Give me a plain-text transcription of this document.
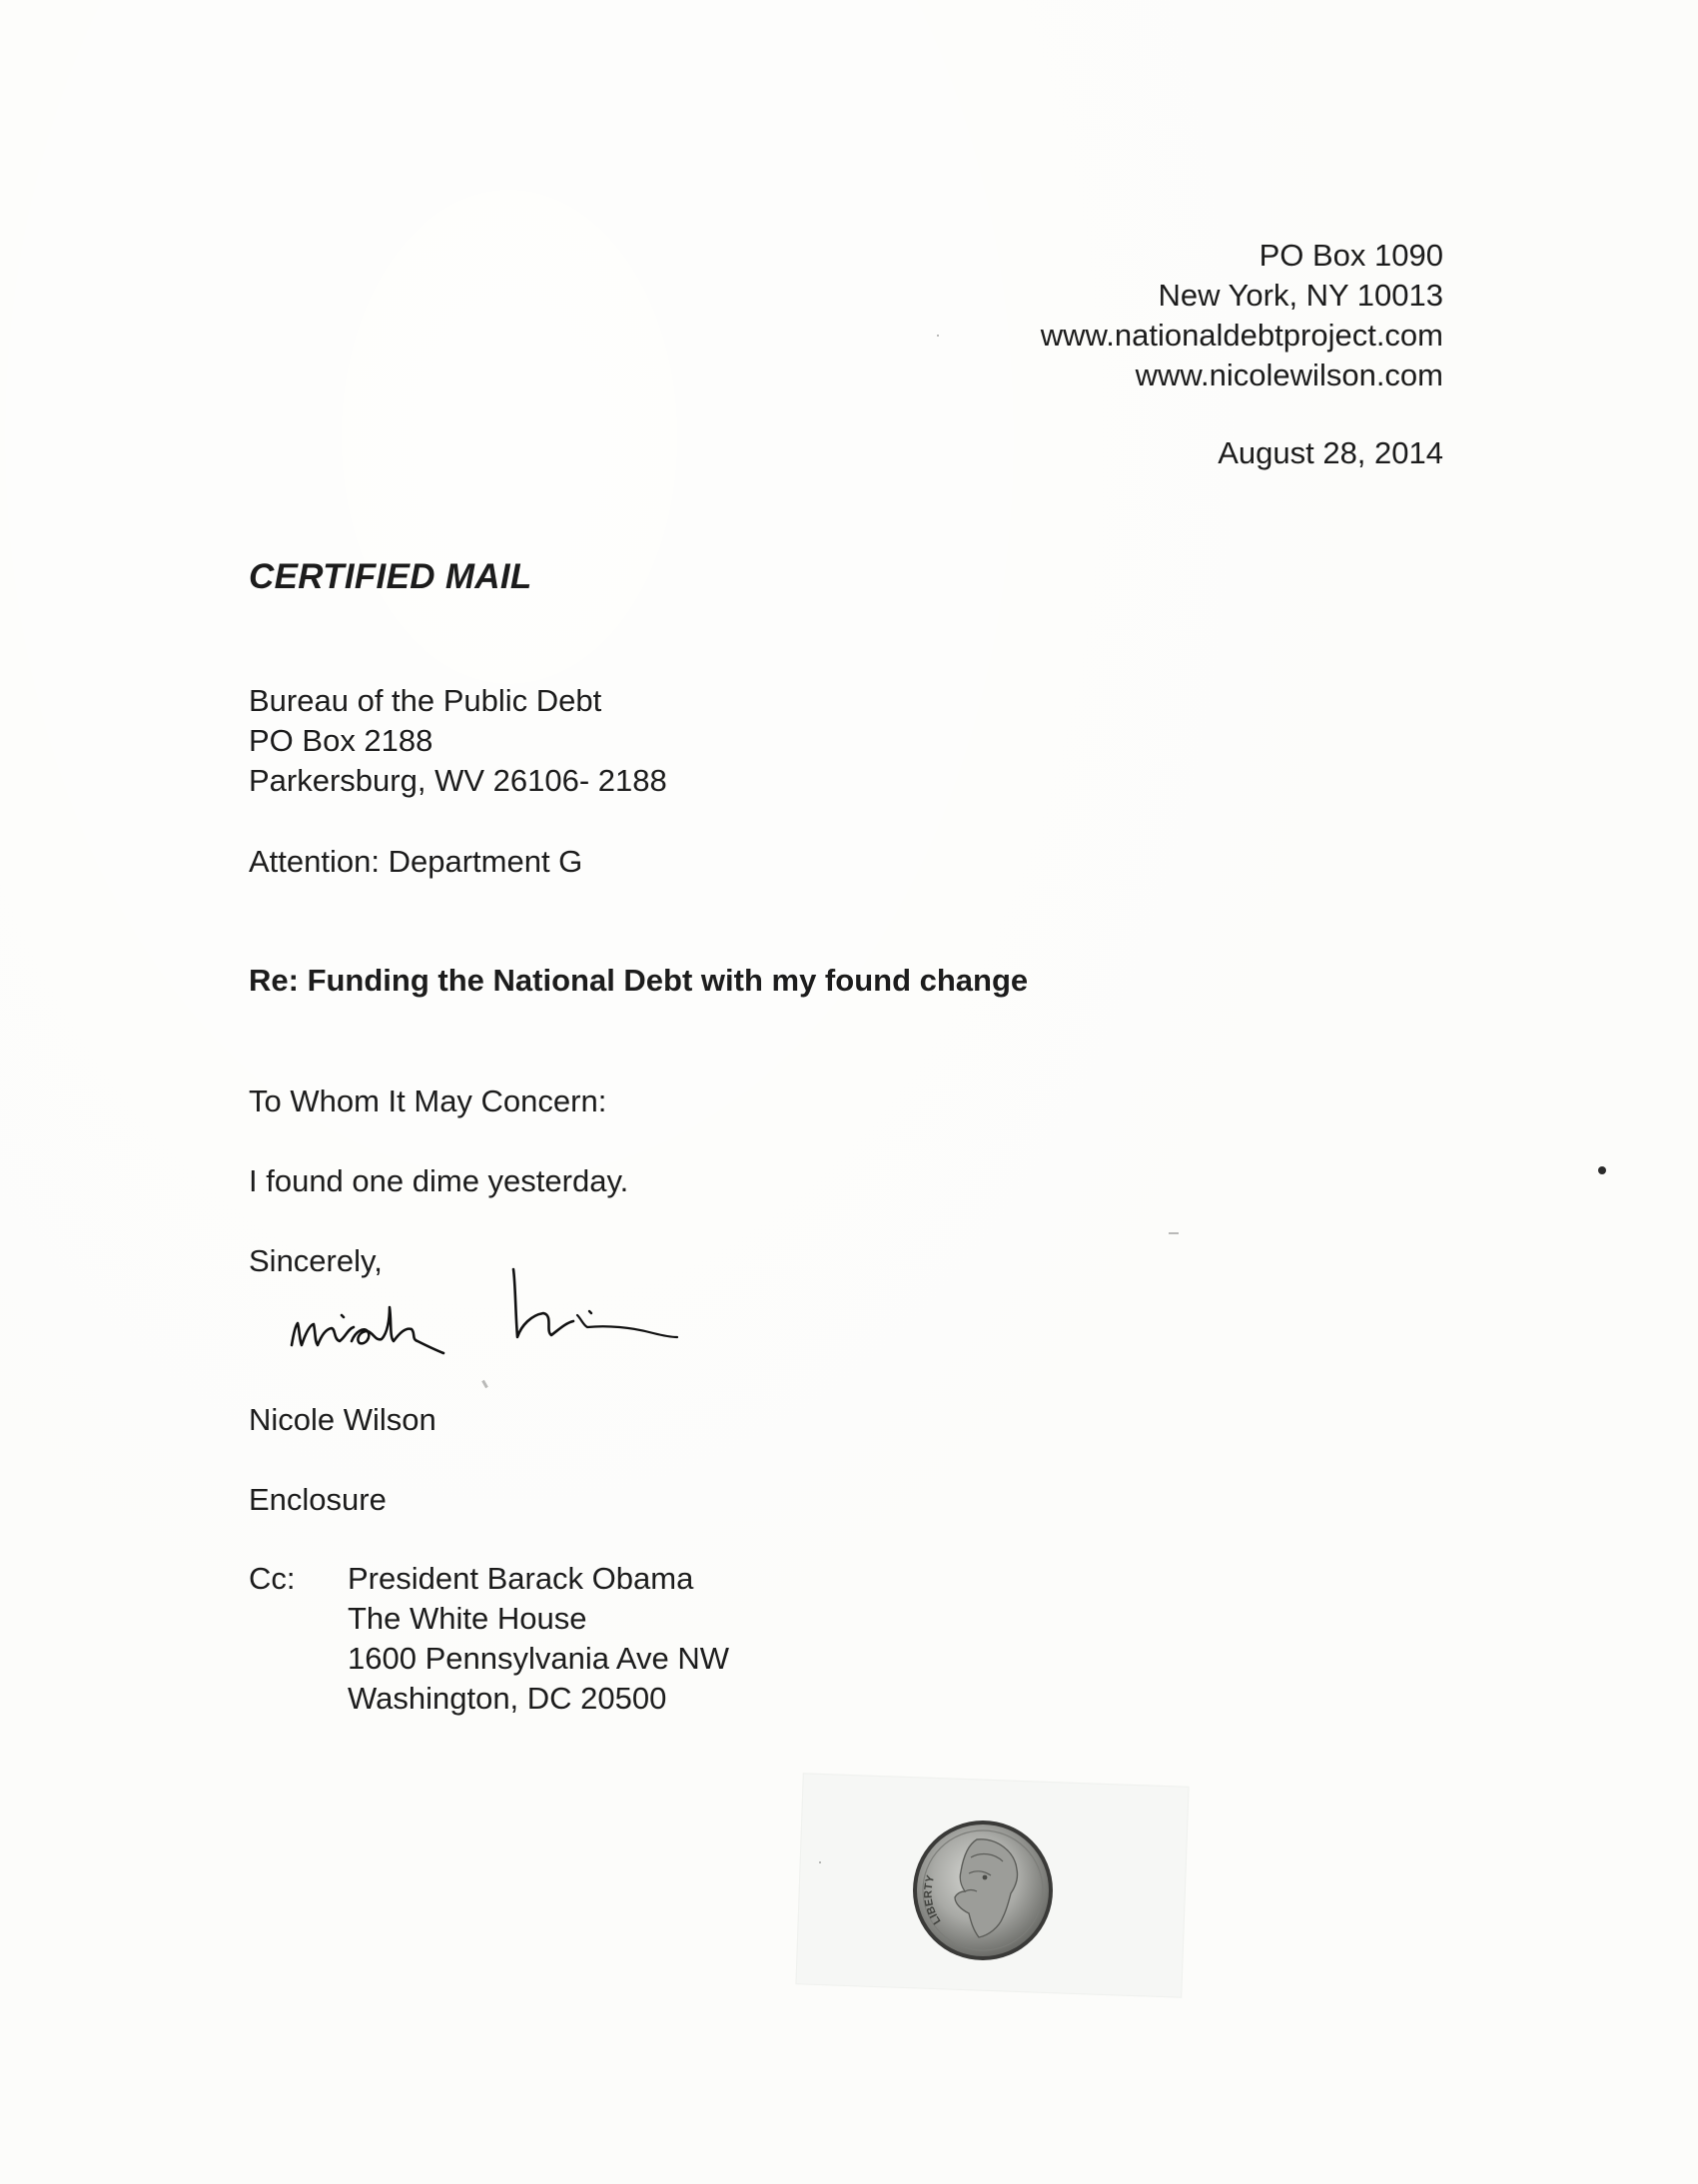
PO Box 1090
New York, NY 10013
www.nationaldebtproject.com
www.nicolewilson.com
August 28, 2014
CERTIFIED MAIL
Bureau of the Public Debt
PO Box 2188
Parkersburg, WV 26106- 2188
Attention: Department G
Re: Funding the National Debt with my found change
To Whom It May Concern:
I found one dime yesterday.
Sincerely,
Nicole Wilson
Enclosure
Cc: President Barack Obama
The White House
1600 Pennsylvania Ave NW
Washington, DC 20500
LIBERTY
